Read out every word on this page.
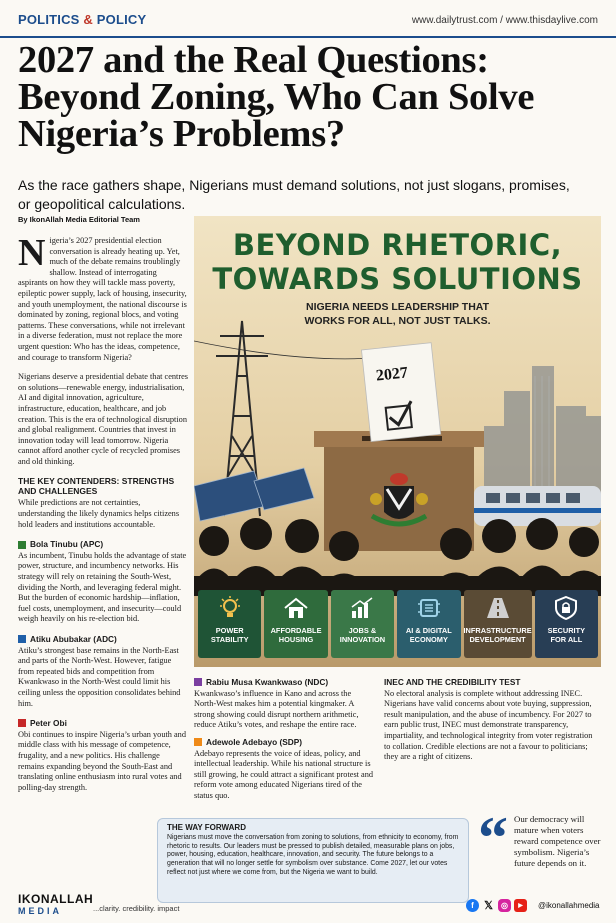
POLITICS & POLICY	www.dailytrust.com / www.thisdaylive.com
2027 and the Real Questions: Beyond Zoning, Who Can Solve Nigeria’s Problems?
As the race gathers shape, Nigerians must demand solutions, not just slogans, promises, or geopolitical calculations.
By IkonAllah Media Editorial Team

Nigeria’s 2027 presidential election conversation is already heating up. Yet, much of the debate remains troublingly shallow. Instead of interrogating aspirants on how they will tackle mass poverty, epileptic power supply, lack of housing, insecurity, and youth unemployment, the national discourse is dominated by zoning, regional blocs, and voting patterns. These conversations, while not irrelevant in a diverse federation, must not replace the more urgent question: Who has the ideas, competence, and courage to transform Nigeria?

Nigerians deserve a presidential debate that centres on solutions—renewable energy, industrialisation, AI and digital innovation, agriculture, infrastructure, education, healthcare, and job creation. This is the era of technological disruption and global realignment. Countries that invest in innovation today will lead tomorrow. Nigeria cannot afford another cycle of recycled promises and old thinking.

THE KEY CONTENDERS: STRENGTHS AND CHALLENGES

While predictions are not certainties, understanding the likely dynamics helps citizens hold leaders and institutions accountable.

Bola Tinubu (APC)

As incumbent, Tinubu holds the advantage of state power, structure, and incumbency networks. His strategy will rely on retaining the South-West, dividing the North, and leveraging federal might. But the burden of economic hardship—inflation, fuel costs, unemployment, and insecurity—could weigh heavily on his re-election bid.

Atiku Abubakar (ADC)

Atiku’s strongest base remains in the North-East and parts of the North-West. However, fatigue from repeated bids and competition from Kwankwaso in the North-West could limit his ceiling unless the opposition consolidates behind him.

Peter Obi

Obi continues to inspire Nigeria’s urban youth and middle class with his message of competence, frugality, and a new politics. His challenge remains expanding beyond the South-East and translating online enthusiasm into rural votes and polling-day strength.

BEYOND RHETORIC,
TOWARDS SOLUTIONS
NIGERIA NEEDS LEADERSHIP THAT
WORKS FOR ALL, NOT JUST TALKS.
2027
POWER
STABILITY
AFFORDABLE
HOUSING
JOBS &
INNOVATION
AI & DIGITAL
ECONOMY
INFRASTRUCTURE
DEVELOPMENT
SECURITY
FOR ALL
Rabiu Musa Kwankwaso (NDC)

Kwankwaso’s influence in Kano and across the North-West makes him a potential kingmaker. A strong showing could disrupt northern arithmetic, reduce Atiku’s votes, and reshape the entire race.

Adewole Adebayo (SDP)

Adebayo represents the voice of ideas, policy, and intellectual leadership. While his national structure is still growing, he could attract a significant protest and reform vote among educated Nigerians tired of the status quo.

INEC AND THE CREDIBILITY TEST

No electoral analysis is complete without addressing INEC. Nigerians have valid concerns about vote buying, suppression, result manipulation, and the abuse of incumbency. For 2027 to earn public trust, INEC must demonstrate transparency, impartiality, and technological integrity from voter registration to collation. Credible elections are not a favour to politicians; they are a right of citizens.

THE WAY FORWARD

Nigerians must move the conversation from zoning to solutions, from ethnicity to economy, from rhetoric to results. Our leaders must be pressed to publish detailed, measurable plans on jobs, power, housing, education, healthcare, innovation, and security. The future belongs to a generation that will no longer settle for symbolism over substance. Come 2027, let our votes reflect not just where we come from, but the Nigeria we want to build.

“ Our democracy will mature when voters reward competence over symbolism. Nigeria’s future depends on it.
IKONALLAH
MEDIA	...clarity. credibility. impact	f 𝕏	◎	▶	@ikonallahmedia
